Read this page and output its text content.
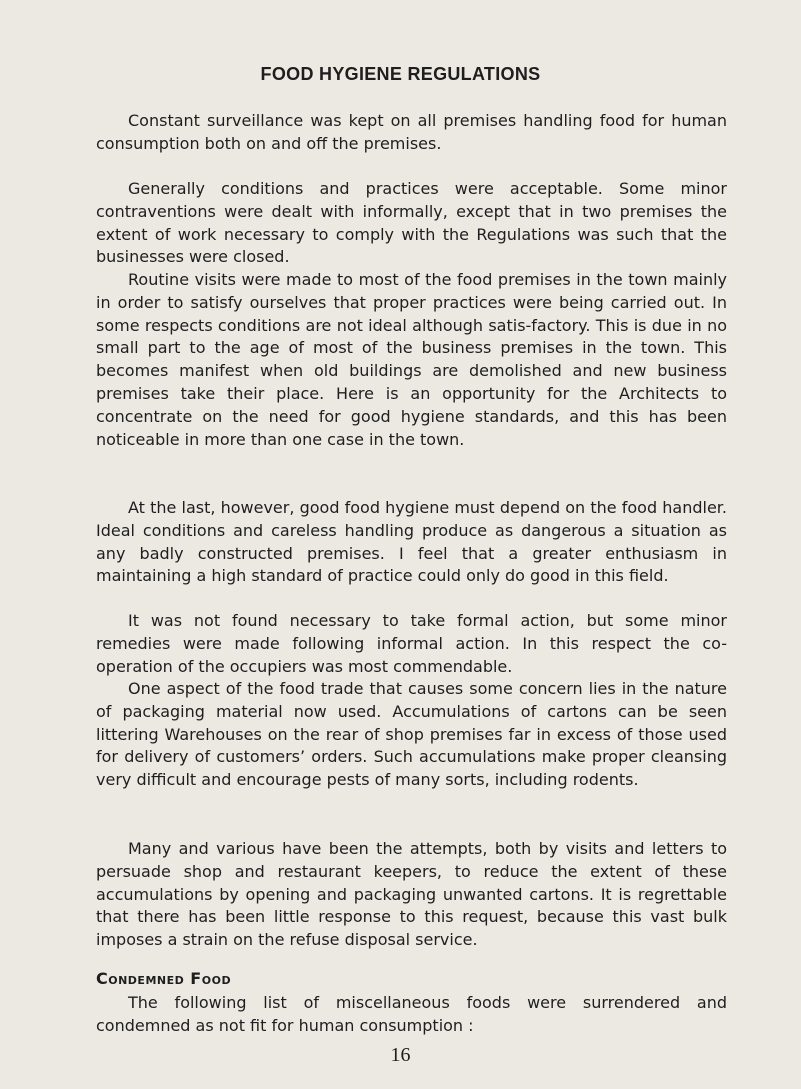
FOOD HYGIENE REGULATIONS

Constant surveillance was kept on all premises handling food for human consumption both on and off the premises.

Generally conditions and practices were acceptable. Some minor contraventions were dealt with informally, except that in two premises the extent of work necessary to comply with the Regulations was such that the businesses were closed.

Routine visits were made to most of the food premises in the town mainly in order to satisfy ourselves that proper practices were being carried out. In some respects conditions are not ideal although satis-factory. This is due in no small part to the age of most of the business premises in the town. This becomes manifest when old buildings are demolished and new business premises take their place. Here is an opportunity for the Architects to concentrate on the need for good hygiene standards, and this has been noticeable in more than one case in the town.

At the last, however, good food hygiene must depend on the food handler. Ideal conditions and careless handling produce as dangerous a situation as any badly constructed premises. I feel that a greater enthusiasm in maintaining a high standard of practice could only do good in this field.

It was not found necessary to take formal action, but some minor remedies were made following informal action. In this respect the co-operation of the occupiers was most commendable.

One aspect of the food trade that causes some concern lies in the nature of packaging material now used. Accumulations of cartons can be seen littering Warehouses on the rear of shop premises far in excess of those used for delivery of customers’ orders. Such accumulations make proper cleansing very difficult and encourage pests of many sorts, including rodents.

Many and various have been the attempts, both by visits and letters to persuade shop and restaurant keepers, to reduce the extent of these accumulations by opening and packaging unwanted cartons. It is regrettable that there has been little response to this request, because this vast bulk imposes a strain on the refuse disposal service.

Condemned Food

The following list of miscellaneous foods were surrendered and condemned as not fit for human consumption :

16
